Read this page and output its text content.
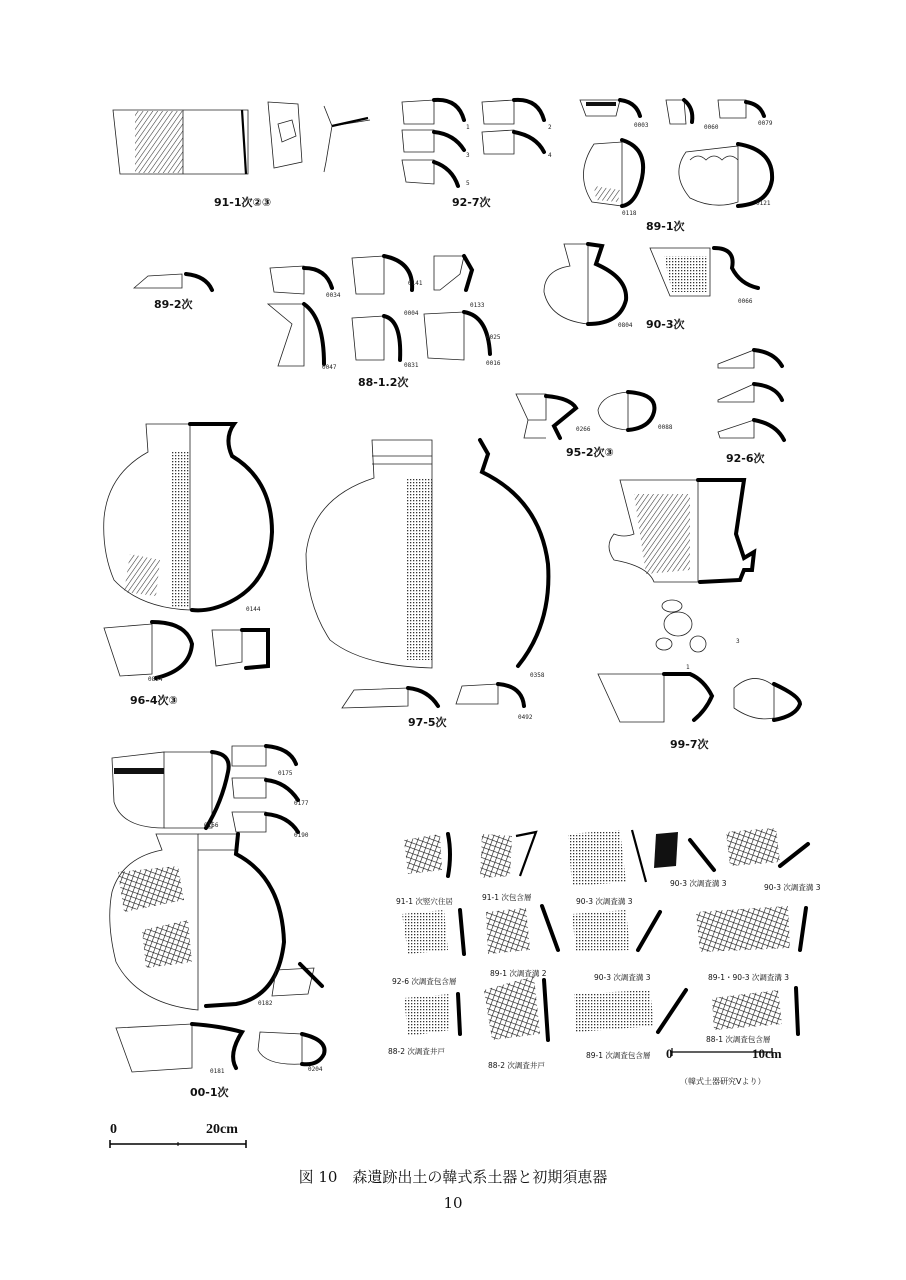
91-1次②③
1	2
3	4
5
92-7次
0003	0060
0079
0118
0121
89-1次
89-2次
0034
0141
0133
0004
0025
0047	0831	0016
88-1.2次
0804
0066
90-3次
0266	0088
95-2次③	92-6次
0144
0824
96-4次③
0358
0492
97-5次
3
1
99-7次
0175
0177
0156
0190
0182
0181	0204
00-1次
91-1 次竪穴住居	91-1 次包含層	90-3 次調査溝 3
90-3 次調査溝 3	90-3 次調査溝 3
92-6 次調査包含層
89-1 次調査溝 2	90-3 次調査溝 3	89-1・90-3 次調査溝 3
88-2 次調査井戸
88-2 次調査井戸
89-1 次調査包含層
88-1 次調査包含層
0	10cm
（韓式土器研究Ⅴより）
0	20cm
図 10　森遺跡出土の韓式系土器と初期須恵器
10
